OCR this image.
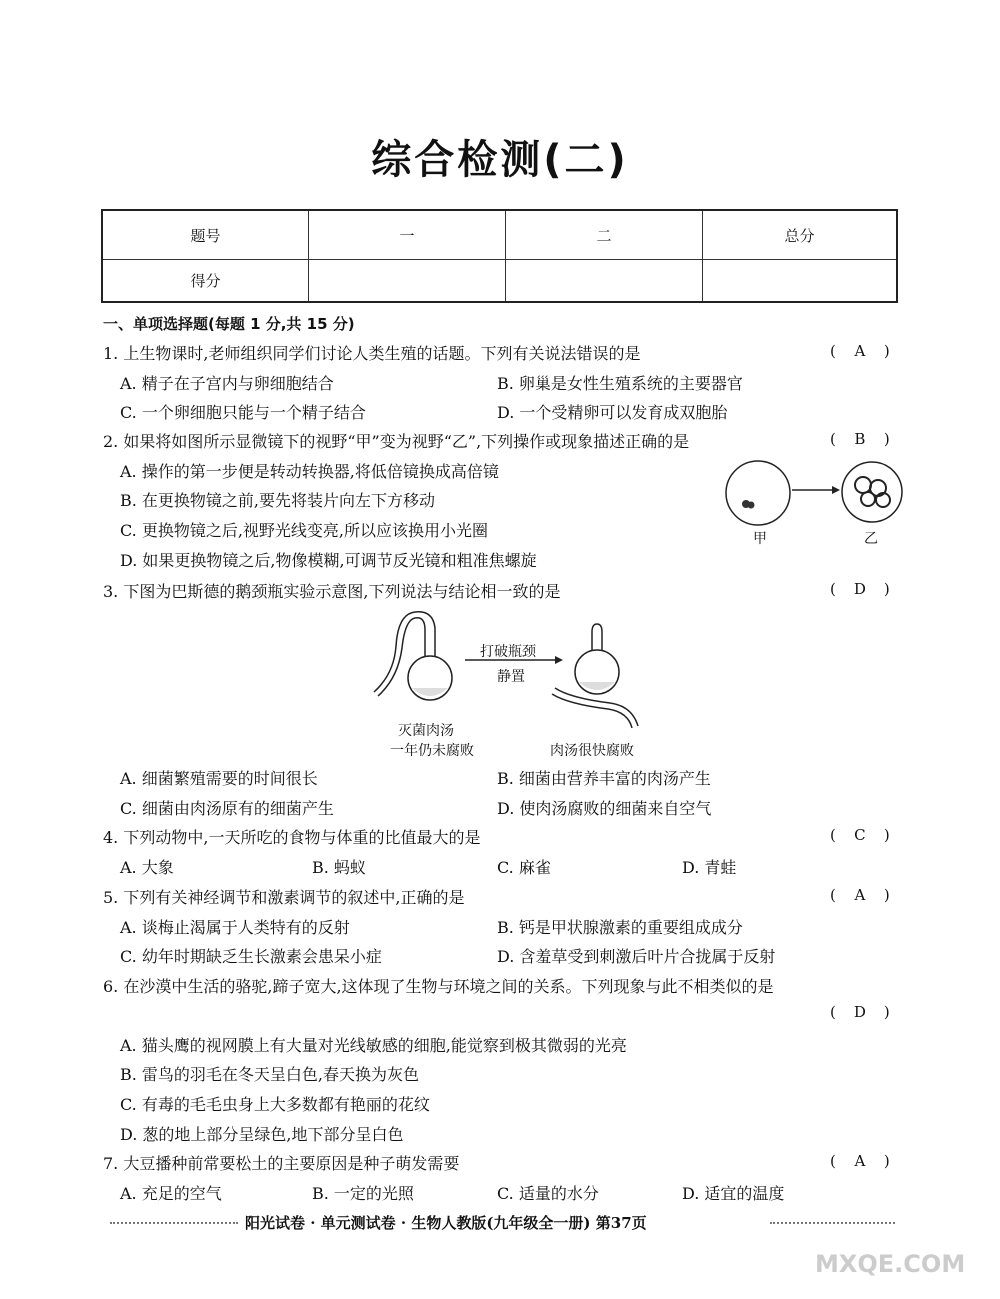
综合检测(二)
题号	一	二	总分
得分			
一、单项选择题(每题 1 分,共 15 分)
1. 上生物课时,老师组织同学们讨论人类生殖的话题。下列有关说法错误的是	( A )
A. 精子在子宫内与卵细胞结合	B. 卵巢是女性生殖系统的主要器官
C. 一个卵细胞只能与一个精子结合	D. 一个受精卵可以发育成双胞胎
2. 如果将如图所示显微镜下的视野“甲”变为视野“乙”,下列操作或现象描述正确的是	( B )
A. 操作的第一步便是转动转换器,将低倍镜换成高倍镜
B. 在更换物镜之前,要先将装片向左下方移动
C. 更换物镜之后,视野光线变亮,所以应该换用小光圈
D. 如果更换物镜之后,物像模糊,可调节反光镜和粗准焦螺旋
甲	乙
3. 下图为巴斯德的鹅颈瓶实验示意图,下列说法与结论相一致的是	( D )
打破瓶颈
静置
灭菌肉汤
一年仍未腐败	肉汤很快腐败
A. 细菌繁殖需要的时间很长	B. 细菌由营养丰富的肉汤产生
C. 细菌由肉汤原有的细菌产生	D. 使肉汤腐败的细菌来自空气
4. 下列动物中,一天所吃的食物与体重的比值最大的是	( C )
A. 大象	B. 蚂蚁	C. 麻雀	D. 青蛙
5. 下列有关神经调节和激素调节的叙述中,正确的是	( A )
A. 谈梅止渴属于人类特有的反射	B. 钙是甲状腺激素的重要组成成分
C. 幼年时期缺乏生长激素会患呆小症	D. 含羞草受到刺激后叶片合拢属于反射
6. 在沙漠中生活的骆驼,蹄子宽大,这体现了生物与环境之间的关系。下列现象与此不相类似的是
( D )
A. 猫头鹰的视网膜上有大量对光线敏感的细胞,能觉察到极其微弱的光亮
B. 雷鸟的羽毛在冬天呈白色,春天换为灰色
C. 有毒的毛毛虫身上大多数都有艳丽的花纹
D. 葱的地上部分呈绿色,地下部分呈白色
7. 大豆播种前常要松土的主要原因是种子萌发需要	( A )
A. 充足的空气	B. 一定的光照	C. 适量的水分	D. 适宜的温度
阳光试卷 · 单元测试卷 · 生物人教版(九年级全一册) 第37页
MXQE.COM
